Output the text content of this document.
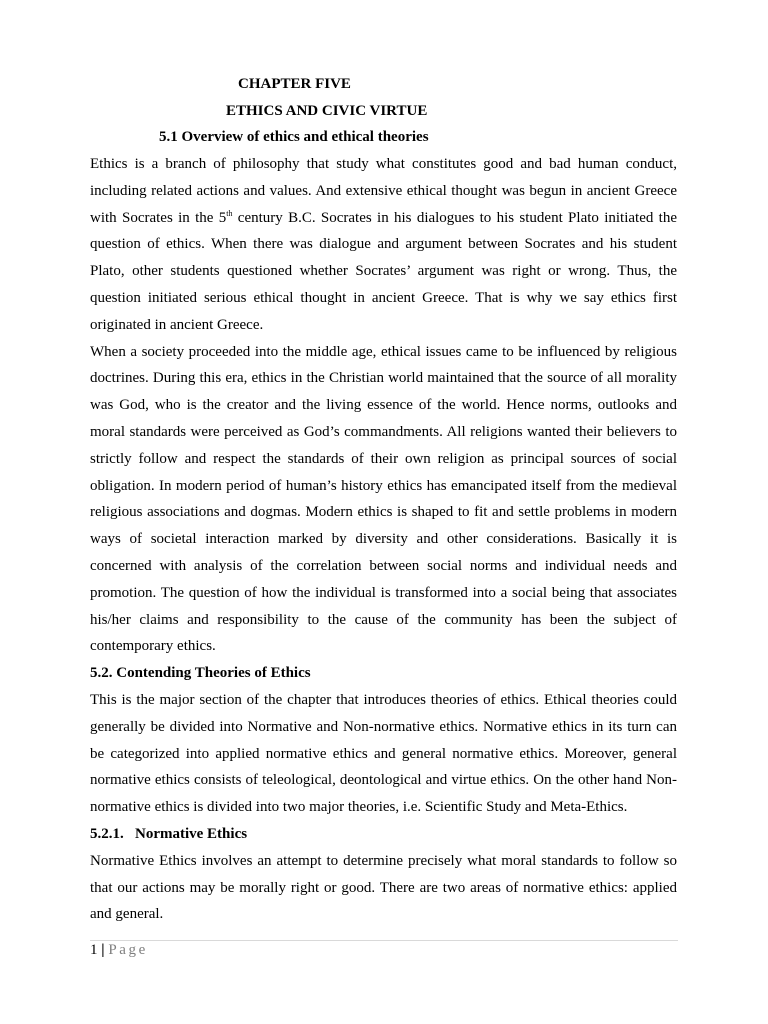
CHAPTER FIVE
ETHICS AND CIVIC VIRTUE
5.1 Overview of ethics and ethical theories

Ethics is a branch of philosophy that study what constitutes good and bad human conduct, including related actions and values. And extensive ethical thought was begun in ancient Greece with Socrates in the 5th century B.C. Socrates in his dialogues to his student Plato initiated the question of ethics. When there was dialogue and argument between Socrates and his student Plato, other students questioned whether Socrates’ argument was right or wrong. Thus, the question initiated serious ethical thought in ancient Greece. That is why we say ethics first originated in ancient Greece.

When a society proceeded into the middle age, ethical issues came to be influenced by religious doctrines. During this era, ethics in the Christian world maintained that the source of all morality was God, who is the creator and the living essence of the world. Hence norms, outlooks and moral standards were perceived as God’s commandments. All religions wanted their believers to strictly follow and respect the standards of their own religion as principal sources of social obligation. In modern period of human’s history ethics has emancipated itself from the medieval religious associations and dogmas. Modern ethics is shaped to fit and settle problems in modern ways of societal interaction marked by diversity and other considerations. Basically it is concerned with analysis of the correlation between social norms and individual needs and promotion. The question of how the individual is transformed into a social being that associates his/her claims and responsibility to the cause of the community has been the subject of contemporary ethics.

5.2. Contending Theories of Ethics

This is the major section of the chapter that introduces theories of ethics. Ethical theories could generally be divided into Normative and Non-normative ethics. Normative ethics in its turn can be categorized into applied normative ethics and general normative ethics. Moreover, general normative ethics consists of teleological, deontological and virtue ethics. On the other hand Non-normative ethics is divided into two major theories, i.e. Scientific Study and Meta-Ethics.

5.2.1. Normative Ethics

Normative Ethics involves an attempt to determine precisely what moral standards to follow so that our actions may be morally right or good. There are two areas of normative ethics: applied and general.

1 | Page
